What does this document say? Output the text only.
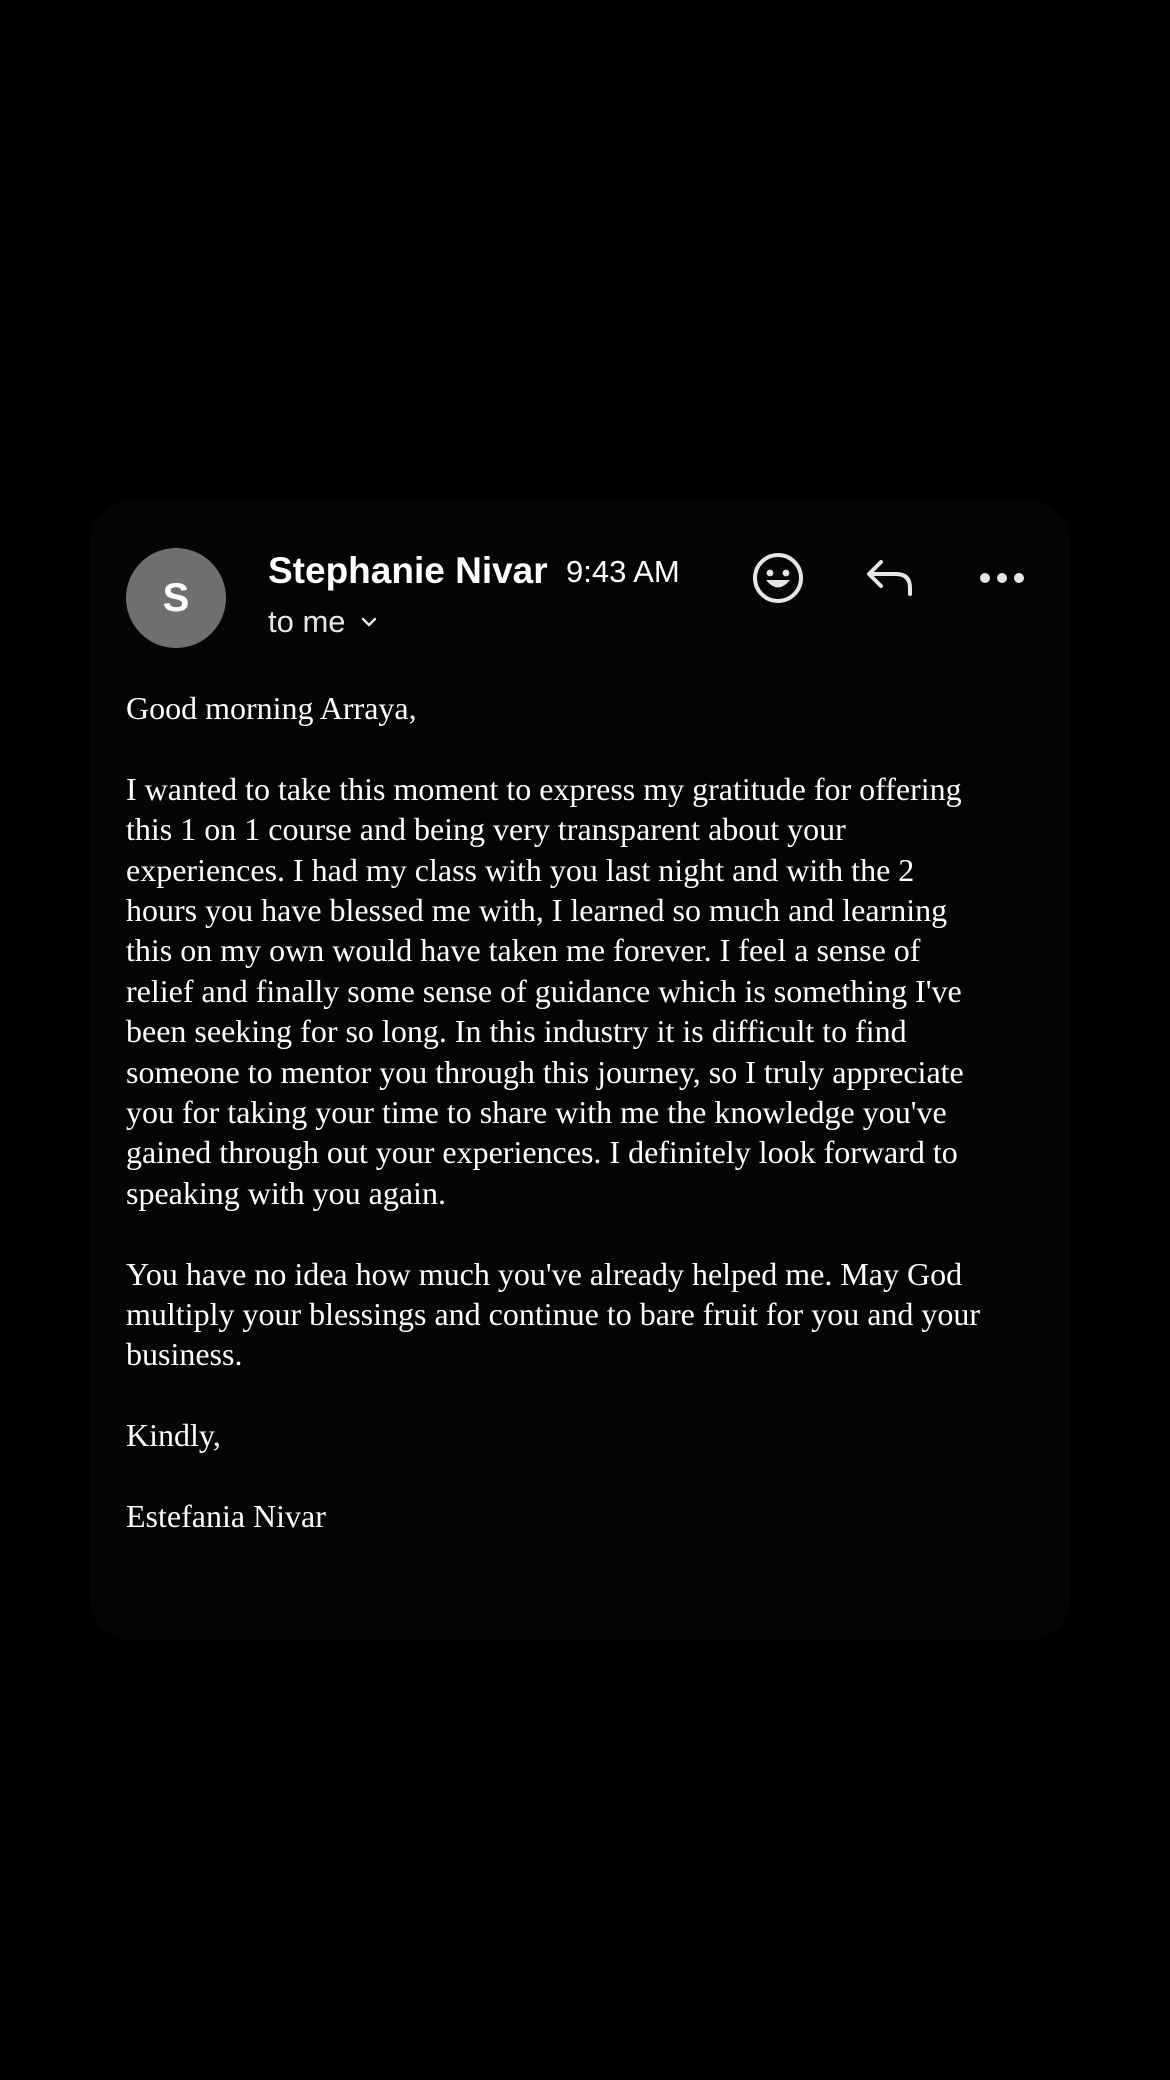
S
Stephanie Nivar 9:43 AM
to me

Good morning Arraya,

I wanted to take this moment to express my gratitude for offering
this 1 on 1 course and being very transparent about your
experiences. I had my class with you last night and with the 2
hours you have blessed me with, I learned so much and learning
this on my own would have taken me forever. I feel a sense of
relief and finally some sense of guidance which is something I've
been seeking for so long. In this industry it is difficult to find
someone to mentor you through this journey, so I truly appreciate
you for taking your time to share with me the knowledge you've
gained through out your experiences. I definitely look forward to
speaking with you again.

You have no idea how much you've already helped me. May God
multiply your blessings and continue to bare fruit for you and your
business.

Kindly,

Estefania Nivar
